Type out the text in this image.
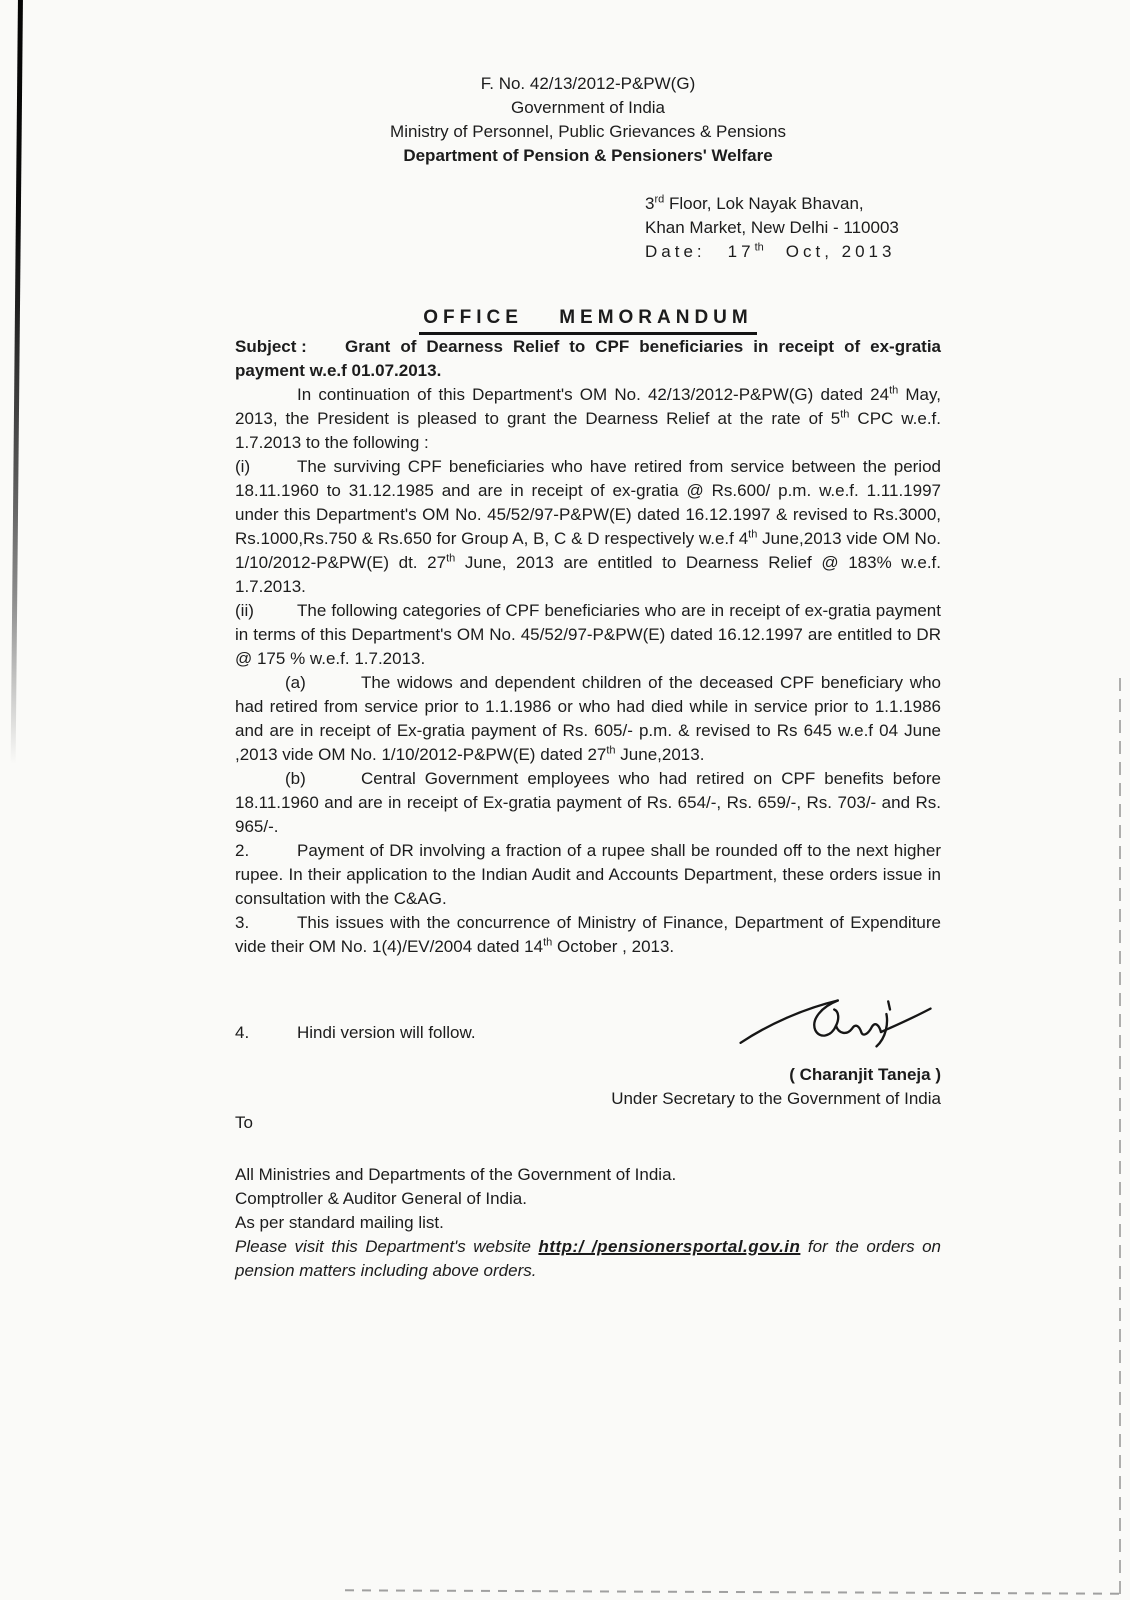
F. No. 42/13/2012-P&PW(G)
Government of India
Ministry of Personnel, Public Grievances & Pensions
Department of Pension & Pensioners' Welfare
3rd Floor, Lok Nayak Bhavan,
Khan Market, New Delhi - 110003
Date: 17th Oct, 2013
OFFICE MEMORANDUM

Subject : Grant of Dearness Relief to CPF beneficiaries in receipt of ex-gratia payment w.e.f 01.07.2013.

In continuation of this Department's OM No. 42/13/2012-P&PW(G) dated 24th May, 2013, the President is pleased to grant the Dearness Relief at the rate of 5th CPC w.e.f. 1.7.2013 to the following :

(i)	The surviving CPF beneficiaries who have retired from service between the period 18.11.1960 to 31.12.1985 and are in receipt of ex-gratia @ Rs.600/ p.m. w.e.f. 1.11.1997 under this Department's OM No. 45/52/97-P&PW(E) dated 16.12.1997 & revised to Rs.3000, Rs.1000,Rs.750 & Rs.650 for Group A, B, C & D respectively w.e.f 4th June,2013 vide OM No. 1/10/2012-P&PW(E) dt. 27th June, 2013 are entitled to Dearness Relief @ 183% w.e.f. 1.7.2013.

(ii)	The following categories of CPF beneficiaries who are in receipt of ex-gratia payment in terms of this Department's OM No. 45/52/97-P&PW(E) dated 16.12.1997 are entitled to DR @ 175 % w.e.f. 1.7.2013.

(a)	The widows and dependent children of the deceased CPF beneficiary who had retired from service prior to 1.1.1986 or who had died while in service prior to 1.1.1986 and are in receipt of Ex-gratia payment of Rs. 605/- p.m. & revised to Rs 645 w.e.f 04 June ,2013 vide OM No. 1/10/2012-P&PW(E) dated 27th June,2013.

(b)	Central Government employees who had retired on CPF benefits before 18.11.1960 and are in receipt of Ex-gratia payment of Rs. 654/-, Rs. 659/-, Rs. 703/- and Rs. 965/-.

2.	Payment of DR involving a fraction of a rupee shall be rounded off to the next higher rupee. In their application to the Indian Audit and Accounts Department, these orders issue in consultation with the C&AG.

3.	This issues with the concurrence of Ministry of Finance, Department of Expenditure vide their OM No. 1(4)/EV/2004 dated 14th October , 2013.

4.	Hindi version will follow.

( Charanjit Taneja )
Under Secretary to the Government of India

To

All Ministries and Departments of the Government of India.
Comptroller & Auditor General of India.
As per standard mailing list.

Please visit this Department's website http:/ /pensionersportal.gov.in for the orders on pension matters including above orders.
